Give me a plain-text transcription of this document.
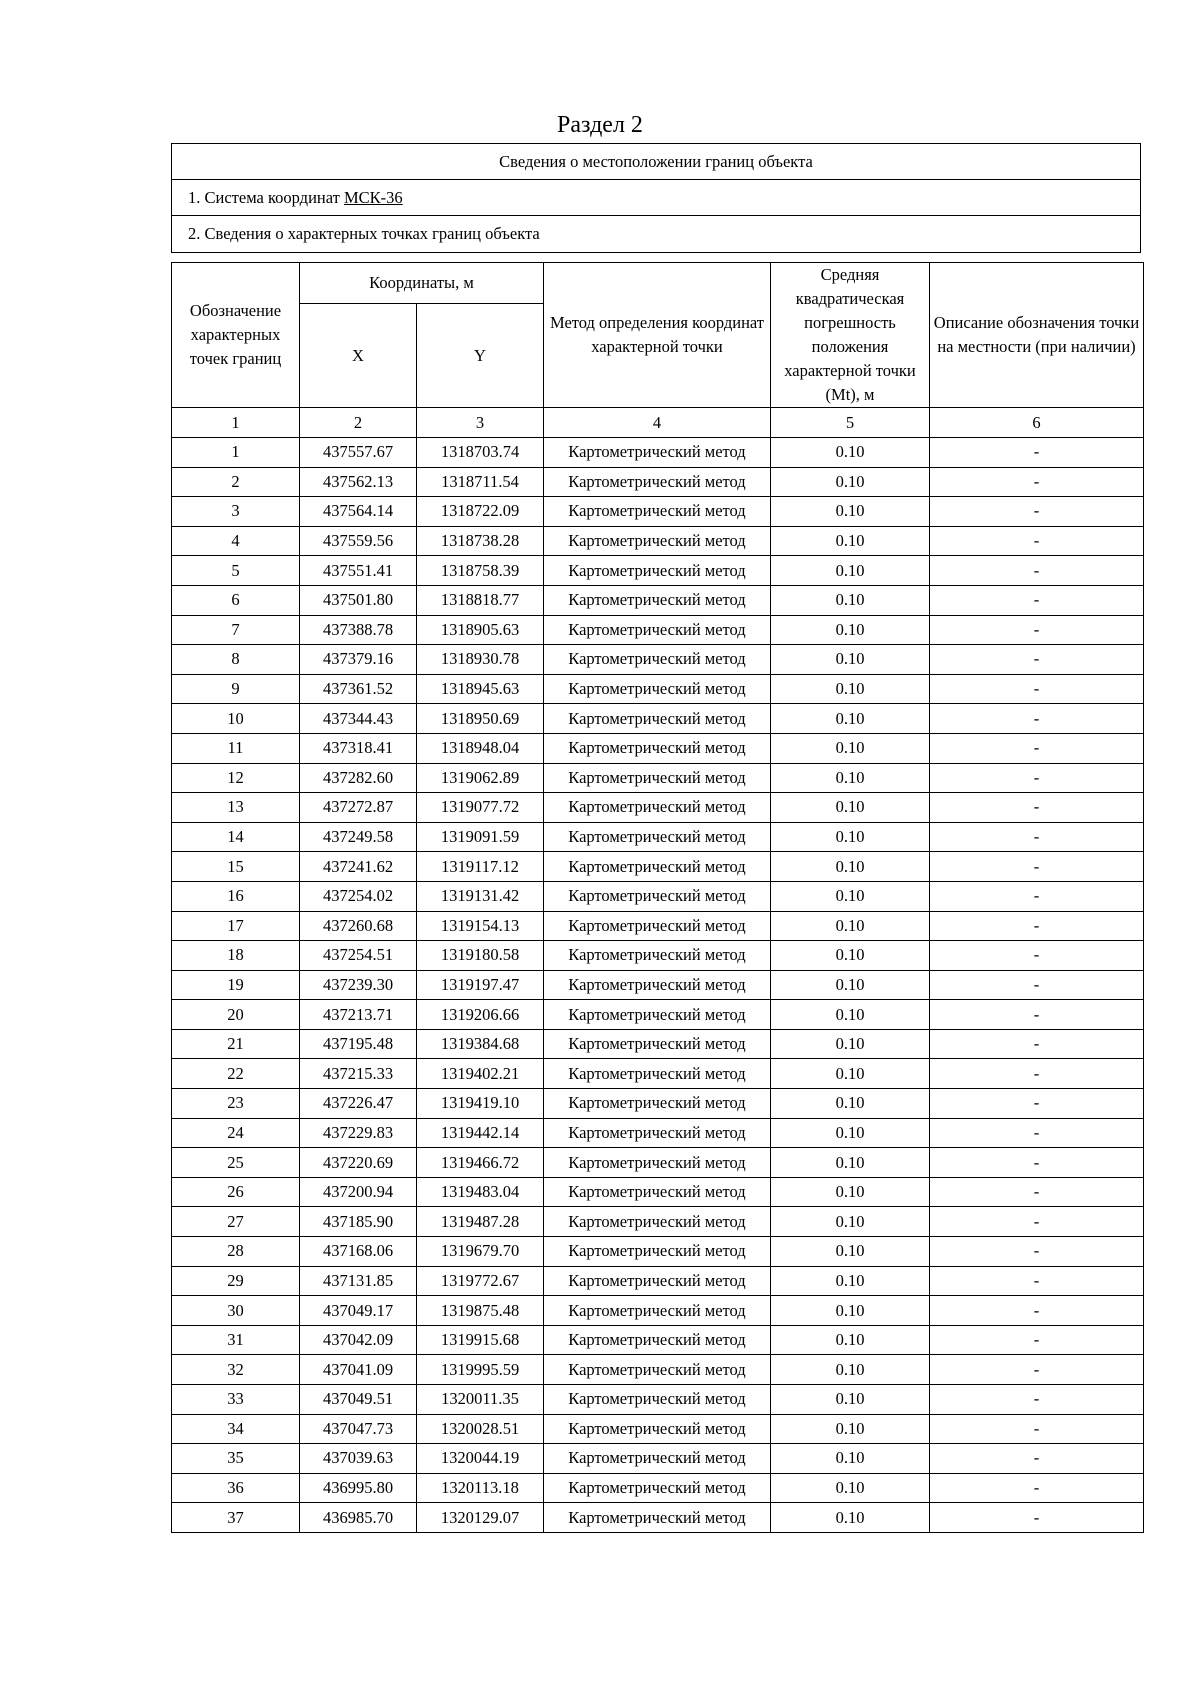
Раздел 2
Сведения о местоположении границ объекта
1. Система координат МСК-36
2. Сведения о характерных точках границ объекта
Обозначение характерных точек границ	Координаты, м		Метод определения координат характерной точки	Средняя квадратическая погрешность положения характерной точки (Mt), м	Описание обозначения точки на местности (при наличии)
	X	Y			
1	2	3	4	5	6
1	437557.67	1318703.74	Картометрический метод	0.10	-
2	437562.13	1318711.54	Картометрический метод	0.10	-
3	437564.14	1318722.09	Картометрический метод	0.10	-
4	437559.56	1318738.28	Картометрический метод	0.10	-
5	437551.41	1318758.39	Картометрический метод	0.10	-
6	437501.80	1318818.77	Картометрический метод	0.10	-
7	437388.78	1318905.63	Картометрический метод	0.10	-
8	437379.16	1318930.78	Картометрический метод	0.10	-
9	437361.52	1318945.63	Картометрический метод	0.10	-
10	437344.43	1318950.69	Картометрический метод	0.10	-
11	437318.41	1318948.04	Картометрический метод	0.10	-
12	437282.60	1319062.89	Картометрический метод	0.10	-
13	437272.87	1319077.72	Картометрический метод	0.10	-
14	437249.58	1319091.59	Картометрический метод	0.10	-
15	437241.62	1319117.12	Картометрический метод	0.10	-
16	437254.02	1319131.42	Картометрический метод	0.10	-
17	437260.68	1319154.13	Картометрический метод	0.10	-
18	437254.51	1319180.58	Картометрический метод	0.10	-
19	437239.30	1319197.47	Картометрический метод	0.10	-
20	437213.71	1319206.66	Картометрический метод	0.10	-
21	437195.48	1319384.68	Картометрический метод	0.10	-
22	437215.33	1319402.21	Картометрический метод	0.10	-
23	437226.47	1319419.10	Картометрический метод	0.10	-
24	437229.83	1319442.14	Картометрический метод	0.10	-
25	437220.69	1319466.72	Картометрический метод	0.10	-
26	437200.94	1319483.04	Картометрический метод	0.10	-
27	437185.90	1319487.28	Картометрический метод	0.10	-
28	437168.06	1319679.70	Картометрический метод	0.10	-
29	437131.85	1319772.67	Картометрический метод	0.10	-
30	437049.17	1319875.48	Картометрический метод	0.10	-
31	437042.09	1319915.68	Картометрический метод	0.10	-
32	437041.09	1319995.59	Картометрический метод	0.10	-
33	437049.51	1320011.35	Картометрический метод	0.10	-
34	437047.73	1320028.51	Картометрический метод	0.10	-
35	437039.63	1320044.19	Картометрический метод	0.10	-
36	436995.80	1320113.18	Картометрический метод	0.10	-
37	436985.70	1320129.07	Картометрический метод	0.10	-
